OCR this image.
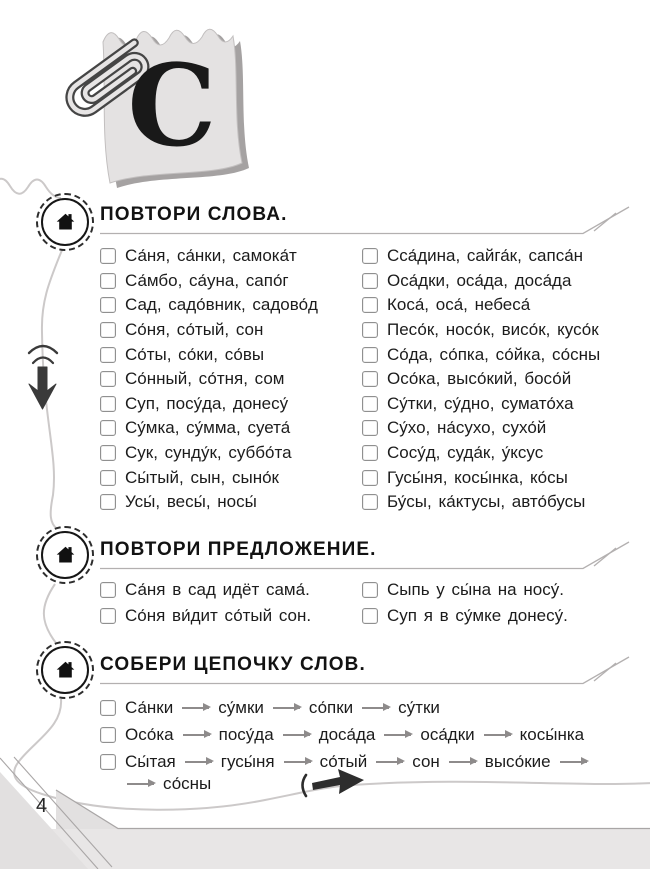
С
ПОВТОРИ СЛОВА.
Са́ня, са́нки, самока́т
Са́мбо, са́уна, сапо́г
Сад, садо́вник, садово́д
Со́ня, со́тый, сон
Со́ты, со́ки, со́вы
Со́нный, со́тня, сом
Суп, посу́да, донесу́
Су́мка, су́мма, суета́
Сук, сунду́к, суббо́та
Сы́тый, сын, сыно́к
Усы́, весы́, носы́
Сса́дина, сайга́к, сапса́н
Оса́дки, оса́да, доса́да
Коса́, оса́, небеса́
Песо́к, носо́к, висо́к, кусо́к
Со́да, со́пка, со́йка, со́сны
Осо́ка, высо́кий, босо́й
Су́тки, су́дно, сумато́ха
Су́хо, на́сухо, сухо́й
Сосу́д, суда́к, у́ксус
Гусы́ня, косы́нка, ко́сы
Бу́сы, ка́ктусы, авто́бусы
ПОВТОРИ ПРЕДЛОЖЕНИЕ.
Са́ня в сад идёт сама́.
Со́ня ви́дит со́тый сон.
Сыпь у сы́на на носу́.
Суп я в су́мке донесу́.
СОБЕРИ ЦЕПОЧКУ СЛОВ.
Са́нки	су́мки	со́пки	су́тки
Осо́ка	посу́да	доса́да	оса́дки	косы́нка
Сы́тая	гусы́ня	со́тый	сон	высо́кие
со́сны
4
